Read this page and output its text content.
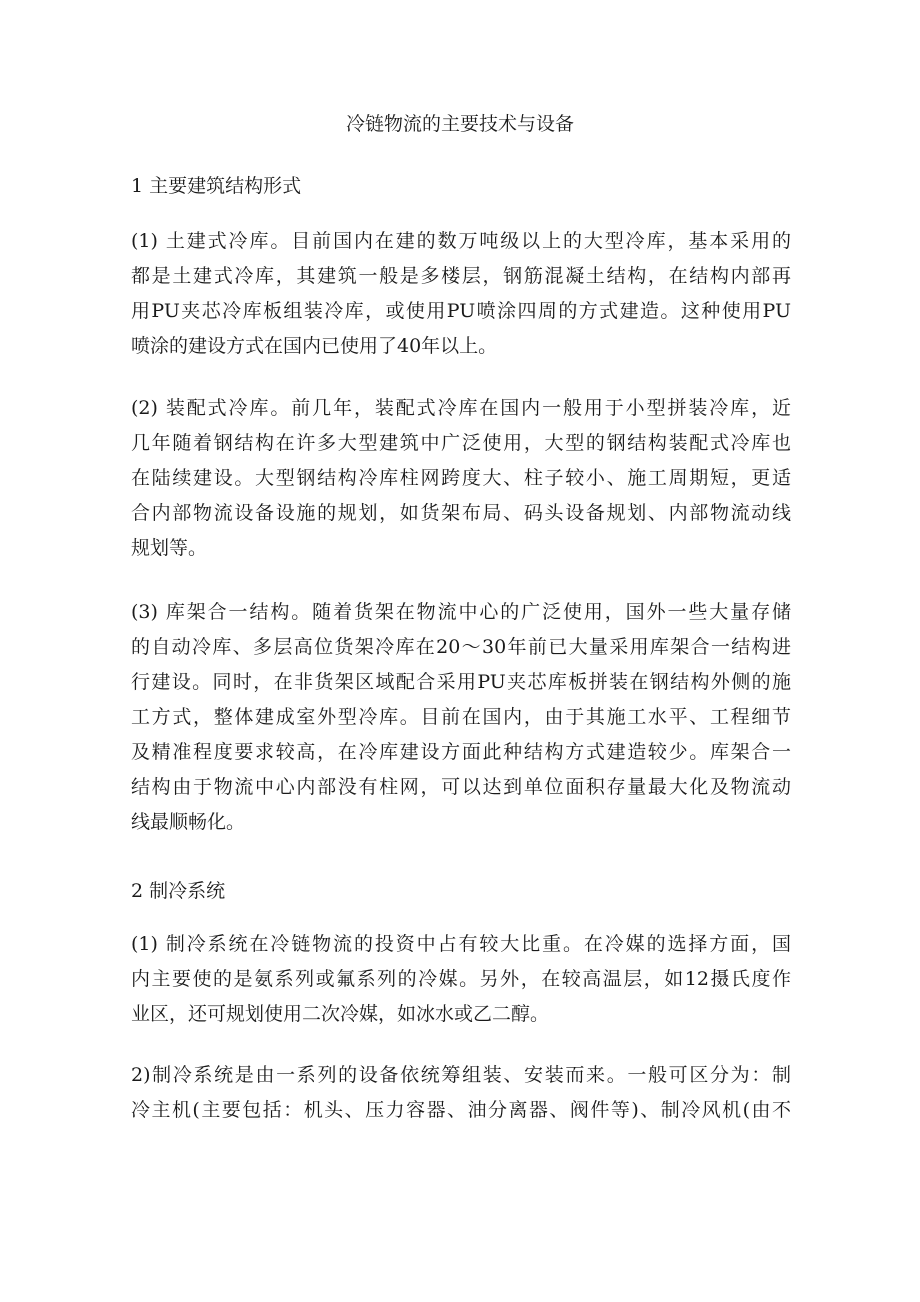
冷链物流的主要技术与设备
1 主要建筑结构形式
(1) 土建式冷库。目前国内在建的数万吨级以上的大型冷库，基本采用的
都是土建式冷库，其建筑一般是多楼层，钢筋混凝土结构，在结构内部再
用PU夹芯冷库板组装冷库，或使用PU喷涂四周的方式建造。这种使用PU
喷涂的建设方式在国内已使用了40年以上。
(2) 装配式冷库。前几年，装配式冷库在国内一般用于小型拼装冷库，近
几年随着钢结构在许多大型建筑中广泛使用，大型的钢结构装配式冷库也
在陆续建设。大型钢结构冷库柱网跨度大、柱子较小、施工周期短，更适
合内部物流设备设施的规划，如货架布局、码头设备规划、内部物流动线
规划等。
(3) 库架合一结构。随着货架在物流中心的广泛使用，国外一些大量存储
的自动冷库、多层高位货架冷库在20～30年前已大量采用库架合一结构进
行建设。同时，在非货架区域配合采用PU夹芯库板拼装在钢结构外侧的施
工方式，整体建成室外型冷库。目前在国内，由于其施工水平、工程细节
及精准程度要求较高，在冷库建设方面此种结构方式建造较少。库架合一
结构由于物流中心内部没有柱网，可以达到单位面积存量最大化及物流动
线最顺畅化。
2 制冷系统
(1) 制冷系统在冷链物流的投资中占有较大比重。在冷媒的选择方面，国
内主要使的是氨系列或氟系列的冷媒。另外，在较高温层，如12摄氏度作
业区，还可规划使用二次冷媒，如冰水或乙二醇。
2)制冷系统是由一系列的设备依统筹组装、安装而来。一般可区分为：制
冷主机(主要包括：机头、压力容器、油分离器、阀件等)、制冷风机(由不
